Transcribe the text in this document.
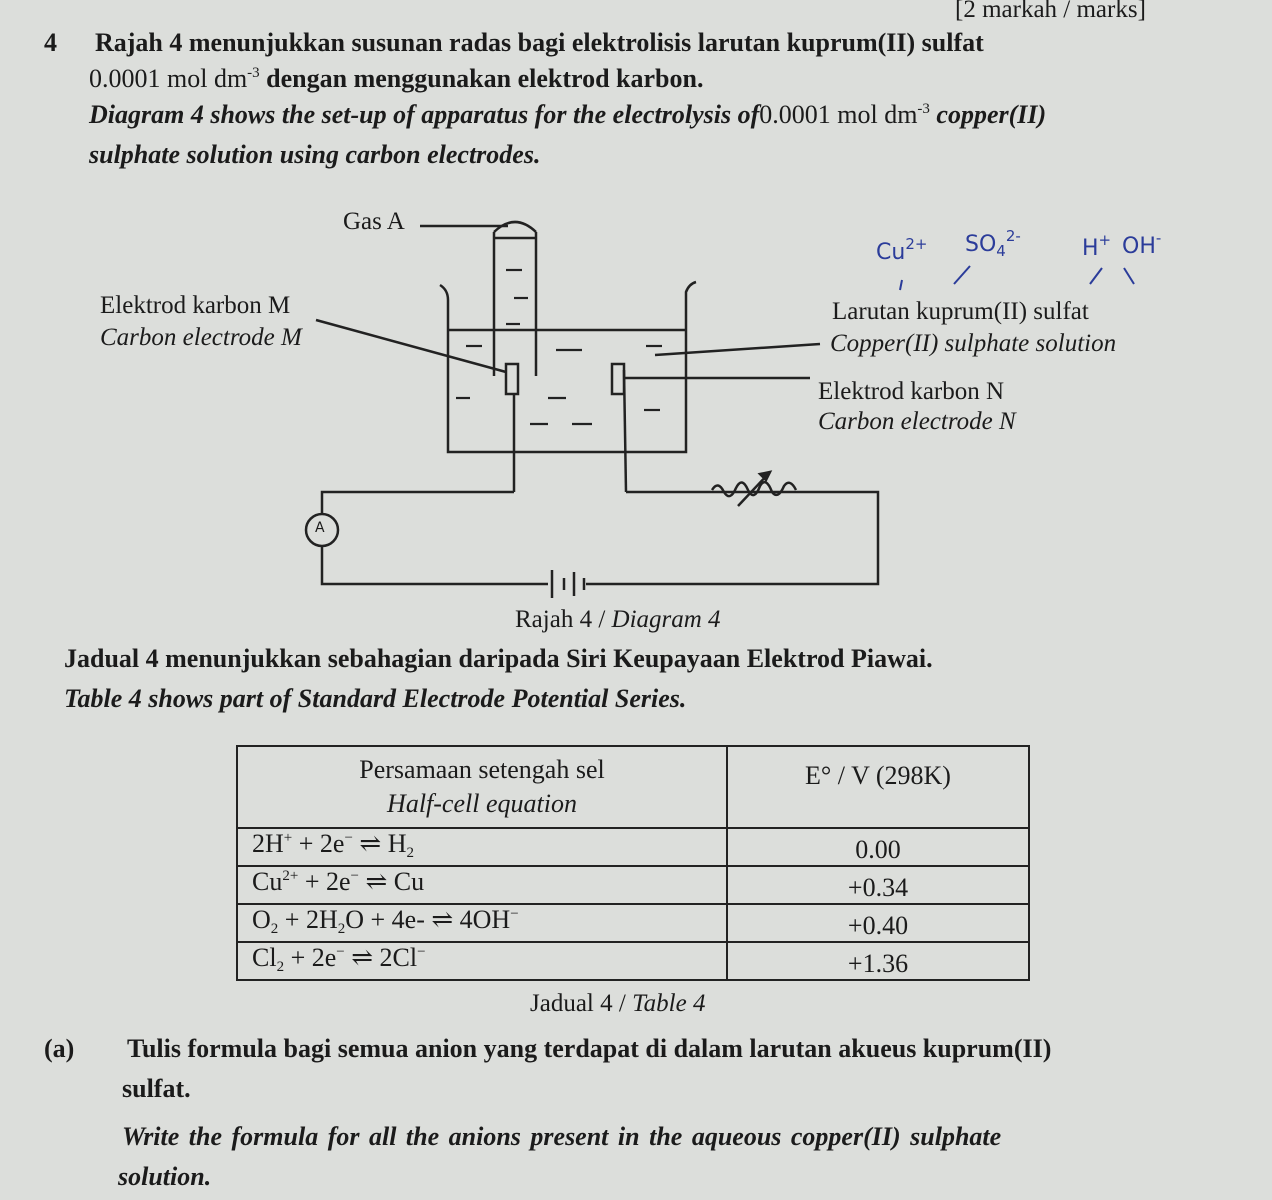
[2 markah / marks]
4 Rajah 4 menunjukkan susunan radas bagi elektrolisis larutan kuprum(II) sulfat
0.0001 mol $dm^{-3}$ dengan menggunakan elektrod karbon.
Diagram 4 shows the set-up of apparatus for the electrolysis of0.0001 mol $dm^{-3}$ copper(II)
sulphate solution using carbon electrodes.
Gas A
Elektrod karbon M
Carbon electrode M
Larutan kuprum(II) sulfat
Copper(II) sulphate solution
Elektrod karbon N
Carbon electrode N
A
$Cu^{2+}$ $SO_4^{2-}$	H+ OH-
Rajah 4 / Diagram 4
Jadual 4 menunjukkan sebahagian daripada Siri Keupayaan Elektrod Piawai.
Table 4 shows part of Standard Electrode Potential Series.
Persamaan setengah sel
Half-cell equation	E° / V (298K)
2H+ + 2e− ⇌ $H_2$	0.00
$Cu^{2+} + 2e^-$ ⇌ Cu	+0.34
$O_2 + 2H_2O + 4e-$ ⇌ 4OH−	+0.40
$Cl_2 + 2e^-$ ⇌ 2Cl−	+1.36
Jadual 4 / Table 4
(a) Tulis formula bagi semua anion yang terdapat di dalam larutan akueus kuprum(II)
sulfat.
Write the formula for all the anions present in the aqueous copper(II) sulphate
solution.
